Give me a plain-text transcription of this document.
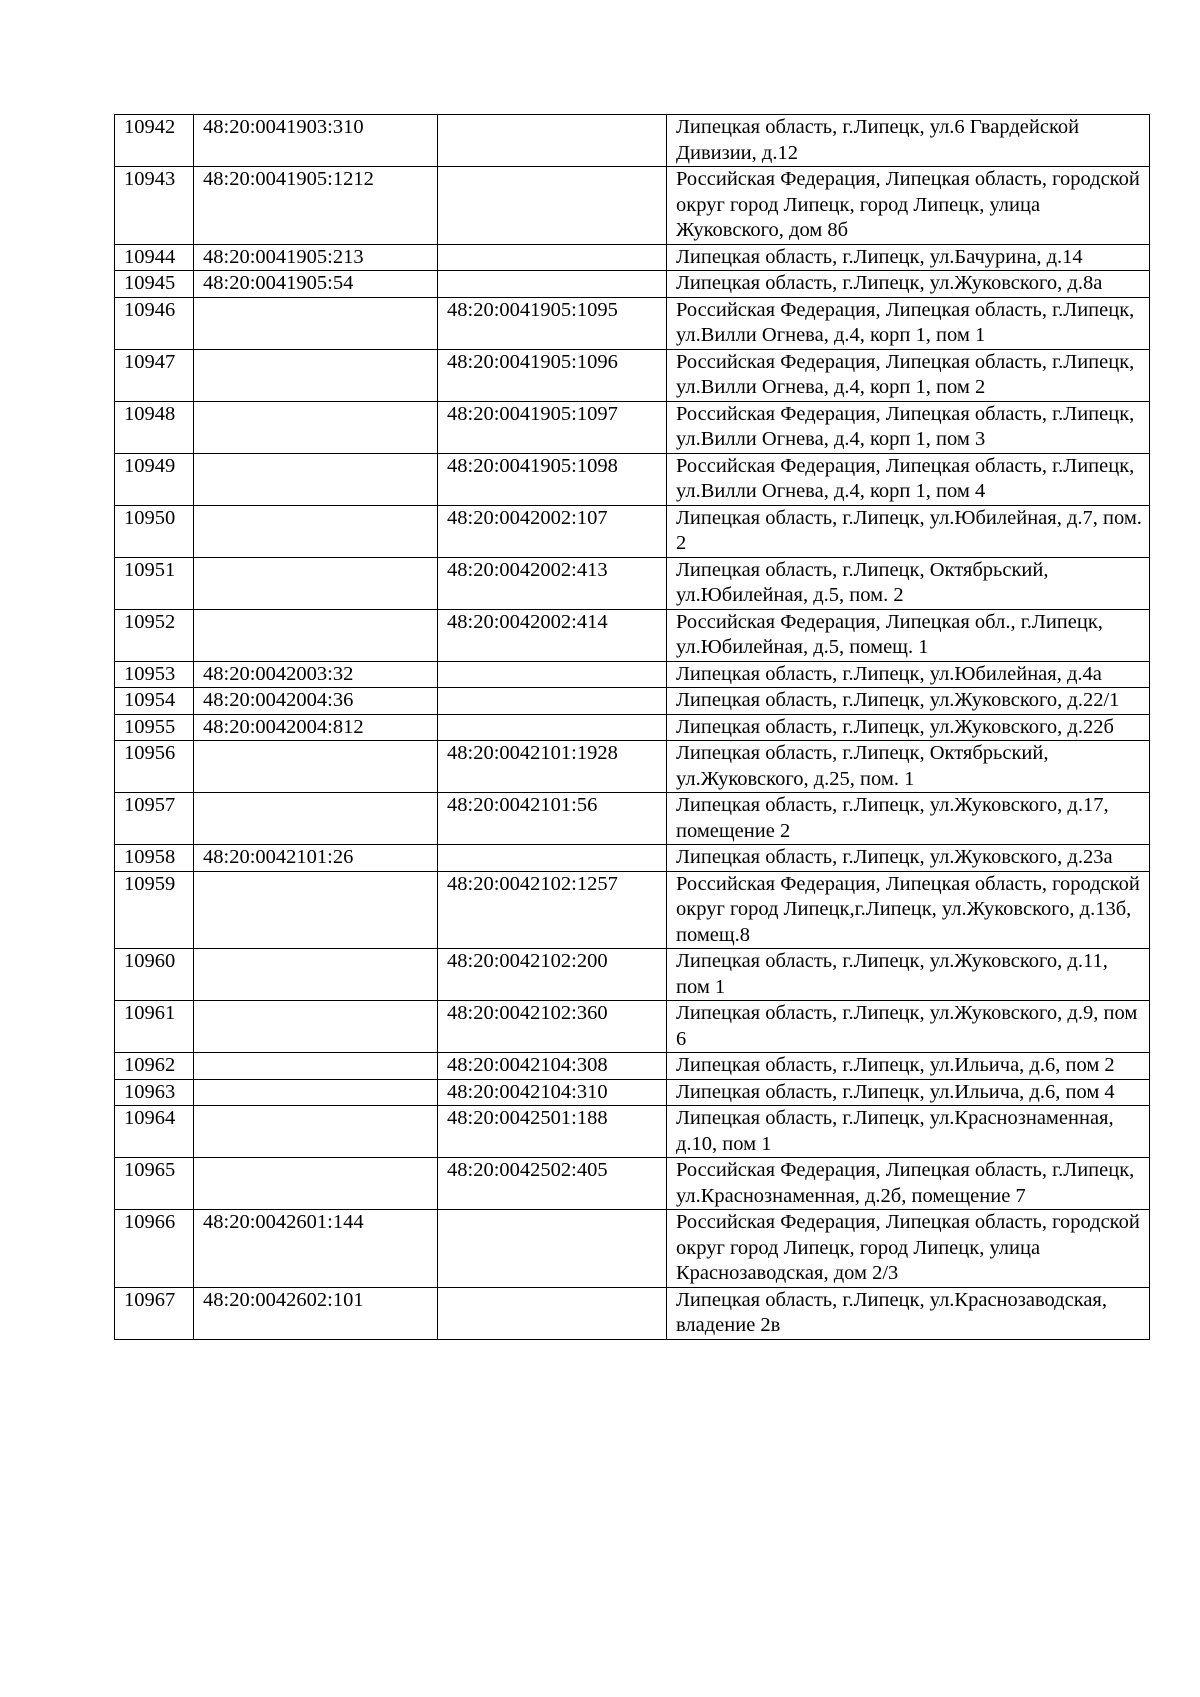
10942	48:20:0041903:310		Липецкая область, г.Липецк, ул.6 Гвардейской Дивизии, д.12
10943	48:20:0041905:1212		Российская Федерация, Липецкая область, городской округ город Липецк, город Липецк, улица Жуковского, дом 8б
10944	48:20:0041905:213		Липецкая область, г.Липецк, ул.Бачурина, д.14
10945	48:20:0041905:54		Липецкая область, г.Липецк, ул.Жуковского, д.8а
10946		48:20:0041905:1095	Российская Федерация, Липецкая область, г.Липецк, ул.Вилли Огнева, д.4, корп 1, пом 1
10947		48:20:0041905:1096	Российская Федерация, Липецкая область, г.Липецк, ул.Вилли Огнева, д.4, корп 1, пом 2
10948		48:20:0041905:1097	Российская Федерация, Липецкая область, г.Липецк, ул.Вилли Огнева, д.4, корп 1, пом 3
10949		48:20:0041905:1098	Российская Федерация, Липецкая область, г.Липецк, ул.Вилли Огнева, д.4, корп 1, пом 4
10950		48:20:0042002:107	Липецкая область, г.Липецк, ул.Юбилейная, д.7, пом. 2
10951		48:20:0042002:413	Липецкая область, г.Липецк, Октябрьский, ул.Юбилейная, д.5, пом. 2
10952		48:20:0042002:414	Российская Федерация, Липецкая обл., г.Липецк, ул.Юбилейная, д.5, помещ. 1
10953	48:20:0042003:32		Липецкая область, г.Липецк, ул.Юбилейная, д.4а
10954	48:20:0042004:36		Липецкая область, г.Липецк, ул.Жуковского, д.22/1
10955	48:20:0042004:812		Липецкая область, г.Липецк, ул.Жуковского, д.22б
10956		48:20:0042101:1928	Липецкая область, г.Липецк, Октябрьский, ул.Жуковского, д.25, пом. 1
10957		48:20:0042101:56	Липецкая область, г.Липецк, ул.Жуковского, д.17, помещение 2
10958	48:20:0042101:26		Липецкая область, г.Липецк, ул.Жуковского, д.23а
10959		48:20:0042102:1257	Российская Федерация, Липецкая область, городской округ город Липецк,г.Липецк, ул.Жуковского, д.13б, помещ.8
10960		48:20:0042102:200	Липецкая область, г.Липецк, ул.Жуковского, д.11, пом 1
10961		48:20:0042102:360	Липецкая область, г.Липецк, ул.Жуковского, д.9, пом 6
10962		48:20:0042104:308	Липецкая область, г.Липецк, ул.Ильича, д.6, пом 2
10963		48:20:0042104:310	Липецкая область, г.Липецк, ул.Ильича, д.6, пом 4
10964		48:20:0042501:188	Липецкая область, г.Липецк, ул.Краснознаменная, д.10, пом 1
10965		48:20:0042502:405	Российская Федерация, Липецкая область, г.Липецк, ул.Краснознаменная, д.2б, помещение 7
10966	48:20:0042601:144		Российская Федерация, Липецкая область, городской округ город Липецк, город Липецк, улица Краснозаводская, дом 2/3
10967	48:20:0042602:101		Липецкая область, г.Липецк, ул.Краснозаводская, владение 2в
